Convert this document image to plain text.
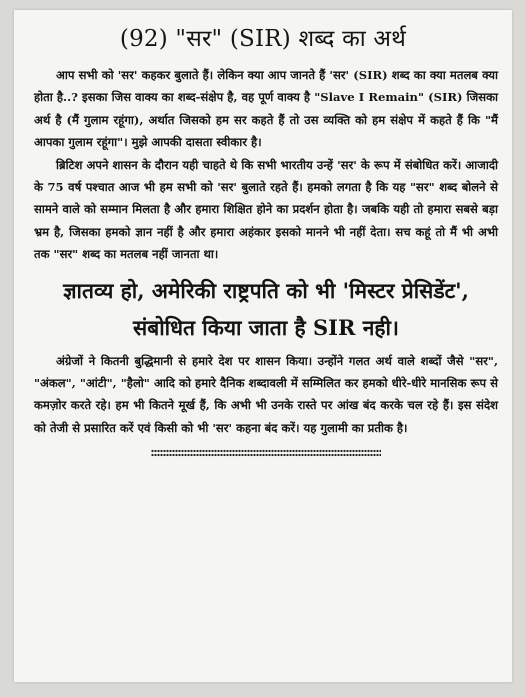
(92) "सर" (SIR) शब्द का अर्थ

आप सभी को 'सर' कहकर बुलाते हैं। लेकिन क्या आप जानते हैं 'सर' (SIR) शब्द का क्या मतलब क्या होता है..? इसका जिस वाक्य का शब्द-संक्षेप है, वह पूर्ण वाक्य है "Slave I Remain" (SIR) जिसका अर्थ है (मैं गुलाम रहूंगा), अर्थात जिसको हम सर कहते हैं तो उस व्यक्ति को हम संक्षेप में कहते हैं कि "मैं आपका गुलाम रहूंगा"। मुझे आपकी दासता स्वीकार है।

ब्रिटिश अपने शासन के दौरान यही चाहते थे कि सभी भारतीय उन्हें 'सर' के रूप में संबोधित करें। आजादी के 75 वर्ष पश्चात आज भी हम सभी को 'सर' बुलाते रहते हैं। हमको लगता है कि यह "सर" शब्द बोलने से सामने वाले को सम्मान मिलता है और हमारा शिक्षित होने का प्रदर्शन होता है। जबकि यही तो हमारा सबसे बड़ा भ्रम है, जिसका हमको ज्ञान नहीं है और हमारा अहंकार इसको मानने भी नहीं देता। सच कहूं तो मैं भी अभी तक "सर" शब्द का मतलब नहीं जानता था।

ज्ञातव्य हो, अमेरिकी राष्ट्रपति को भी 'मिस्टर प्रेसिडेंट', संबोधित किया जाता है SIR नही।

अंग्रेजों ने कितनी बुद्धिमानी से हमारे देश पर शासन किया। उन्होंने गलत अर्थ वाले शब्दों जैसे "सर", "अंकल", "आंटी", "हैलो" आदि को हमारे दैनिक शब्दावली में सम्मिलित कर हमको धीरे-धीरे मानसिक रूप से कमज़ोर करते रहे। हम भी कितने मूर्ख हैं, कि अभी भी उनके रास्ते पर आंख बंद करके चल रहे हैं। इस संदेश को तेजी से प्रसारित करें एवं किसी को भी 'सर' कहना बंद करें। यह गुलामी का प्रतीक है।
